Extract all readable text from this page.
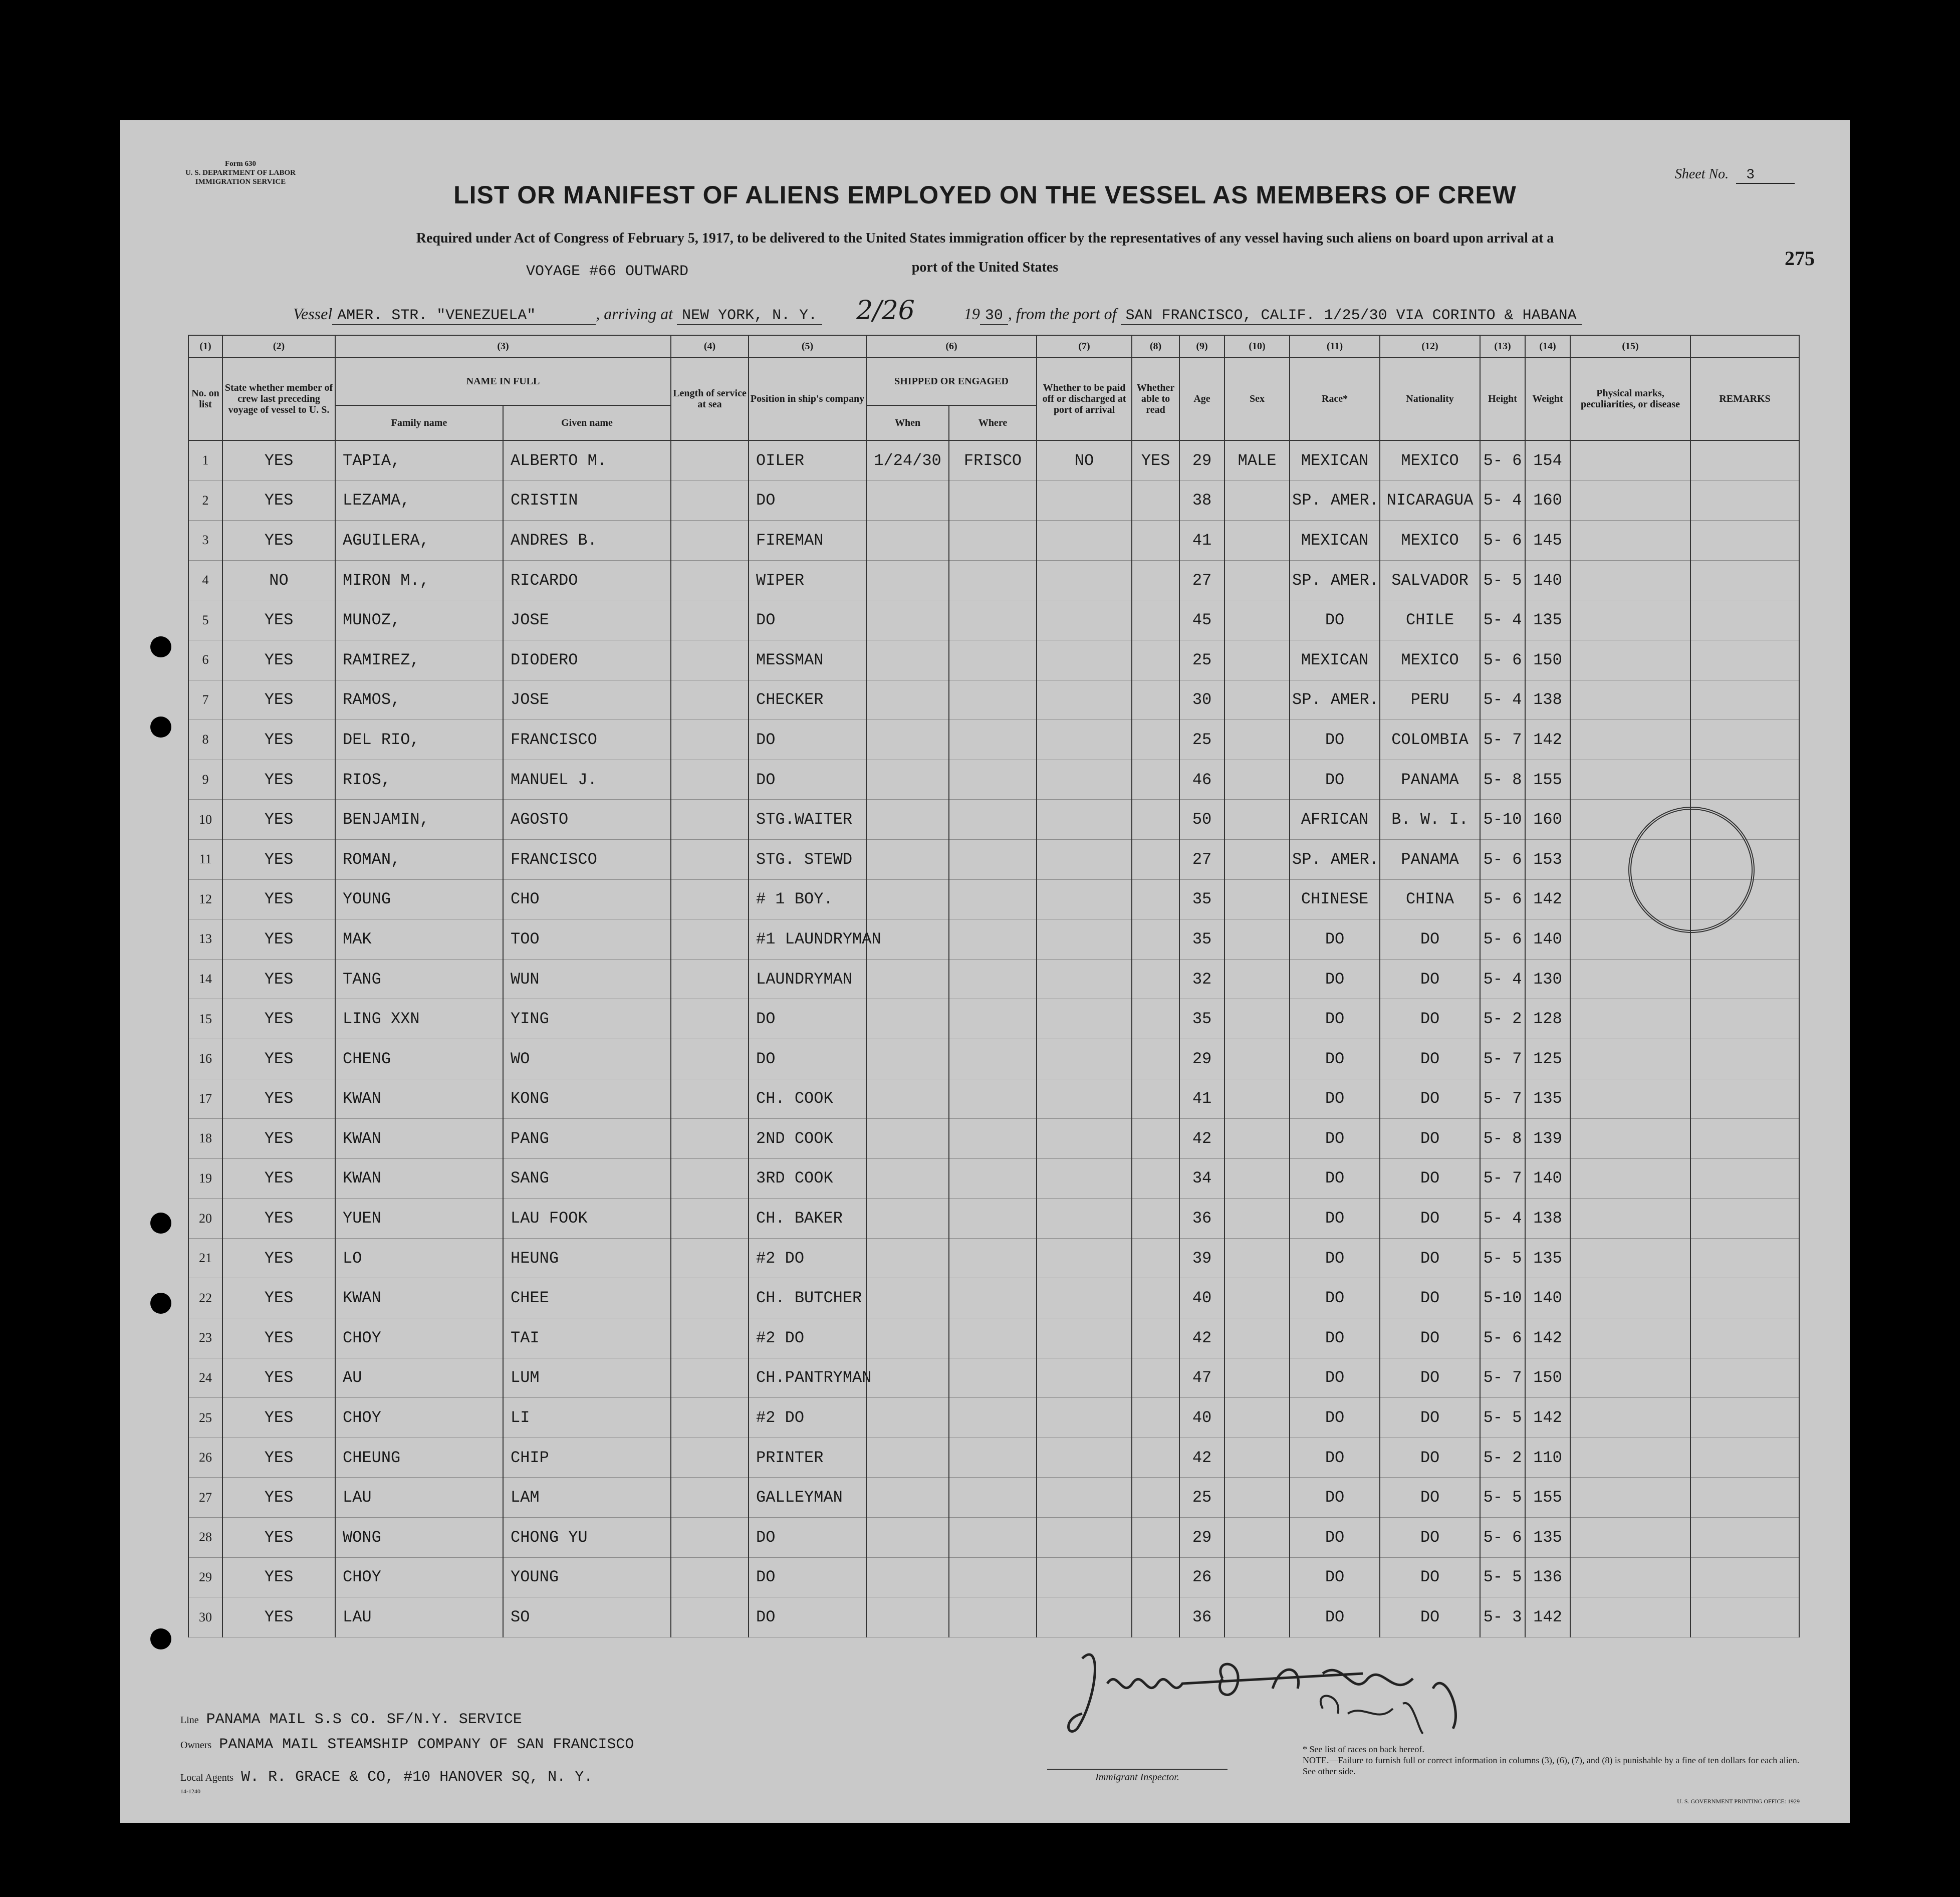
Form 630
U. S. DEPARTMENT OF LABOR
IMMIGRATION SERVICE	Sheet No. 3
LIST OR MANIFEST OF ALIENS EMPLOYED ON THE VESSEL AS MEMBERS OF CREW
Required under Act of Congress of February 5, 1917, to be delivered to the United States immigration officer by the representatives of any vessel having such aliens on board upon arrival at a
VOYAGE #66 OUTWARD	port of the United States	275
Vessel AMER. STR. "VENEZUELA"	, arriving at NEW YORK, N. Y. 2/26	19 30 , from the port of SAN FRANCISCO, CALIF. 1/25/30 VIA CORINTO & HABANA
(1)	(2)	(3)		(4)	(5)	(6)		(7)	(8)	(9)	(10)	(11)	(12)	(13)	(14)	(15)	
No. on list	State whether member of crew last preceding voyage of vessel to U. S.	NAME IN FULL		Length of service at sea	Position in ship's company	SHIPPED OR ENGAGED		Whether to be paid off or discharged at port of arrival	Whether able to read	Age	Sex	Race*	Nationality	Height	Weight	Physical marks, peculiarities, or disease	REMARKS
		Family name	Given name			When	Where										
1	YES	TAPIA,	ALBERTO M.		OILER	1/24/30	FRISCO	NO	YES	29	MALE	MEXICAN	MEXICO	5- 6	154		
2	YES	LEZAMA,	CRISTIN		DO					38		SP. AMER.	NICARAGUA	5- 4	160		
3	YES	AGUILERA,	ANDRES B.		FIREMAN					41		MEXICAN	MEXICO	5- 6	145		
4	NO	MIRON M.,	RICARDO		WIPER					27		SP. AMER.	SALVADOR	5- 5	140		
5	YES	MUNOZ,	JOSE		DO					45		DO	CHILE	5- 4	135		
6	YES	RAMIREZ,	DIODERO		MESSMAN					25		MEXICAN	MEXICO	5- 6	150		
7	YES	RAMOS,	JOSE		CHECKER					30		SP. AMER.	PERU	5- 4	138		
8	YES	DEL RIO,	FRANCISCO		DO					25		DO	COLOMBIA	5- 7	142		
9	YES	RIOS,	MANUEL J.		DO					46		DO	PANAMA	5- 8	155		
10	YES	BENJAMIN,	AGOSTO		STG.WAITER					50		AFRICAN	B. W. I.	5-10	160		
11	YES	ROMAN,	FRANCISCO		STG. STEWD					27		SP. AMER.	PANAMA	5- 6	153		
12	YES	YOUNG	CHO		# 1 BOY.					35		CHINESE	CHINA	5- 6	142		
13	YES	MAK	TOO		#1 LAUNDRYMAN					35		DO	DO	5- 6	140		
14	YES	TANG	WUN		LAUNDRYMAN					32		DO	DO	5- 4	130		
15	YES	LING XXN	YING		DO					35		DO	DO	5- 2	128		
16	YES	CHENG	WO		DO					29		DO	DO	5- 7	125		
17	YES	KWAN	KONG		CH. COOK					41		DO	DO	5- 7	135		
18	YES	KWAN	PANG		2ND COOK					42		DO	DO	5- 8	139		
19	YES	KWAN	SANG		3RD COOK					34		DO	DO	5- 7	140		
20	YES	YUEN	LAU FOOK		CH. BAKER					36		DO	DO	5- 4	138		
21	YES	LO	HEUNG		#2 DO					39		DO	DO	5- 5	135		
22	YES	KWAN	CHEE		CH. BUTCHER					40		DO	DO	5-10	140		
23	YES	CHOY	TAI		#2 DO					42		DO	DO	5- 6	142		
24	YES	AU	LUM		CH.PANTRYMAN					47		DO	DO	5- 7	150		
25	YES	CHOY	LI		#2 DO					40		DO	DO	5- 5	142		
26	YES	CHEUNG	CHIP		PRINTER					42		DO	DO	5- 2	110		
27	YES	LAU	LAM		GALLEYMAN					25		DO	DO	5- 5	155		
28	YES	WONG	CHONG YU		DO					29		DO	DO	5- 6	135		
29	YES	CHOY	YOUNG		DO					26		DO	DO	5- 5	136		
30	YES	LAU	SO		DO					36		DO	DO	5- 3	142		
Line PANAMA MAIL S.S CO. SF/N.Y. SERVICE
Owners PANAMA MAIL STEAMSHIP COMPANY OF SAN FRANCISCO
Local Agents W. R. GRACE & CO, #10 HANOVER SQ, N. Y.
14-1240
Immigrant Inspector.
* See list of races on back hereof.
NOTE.—Failure to furnish full or correct information in columns (3), (6), (7), and (8) is punishable by a fine of ten dollars for each alien. See other side.
U. S. GOVERNMENT PRINTING OFFICE: 1929
